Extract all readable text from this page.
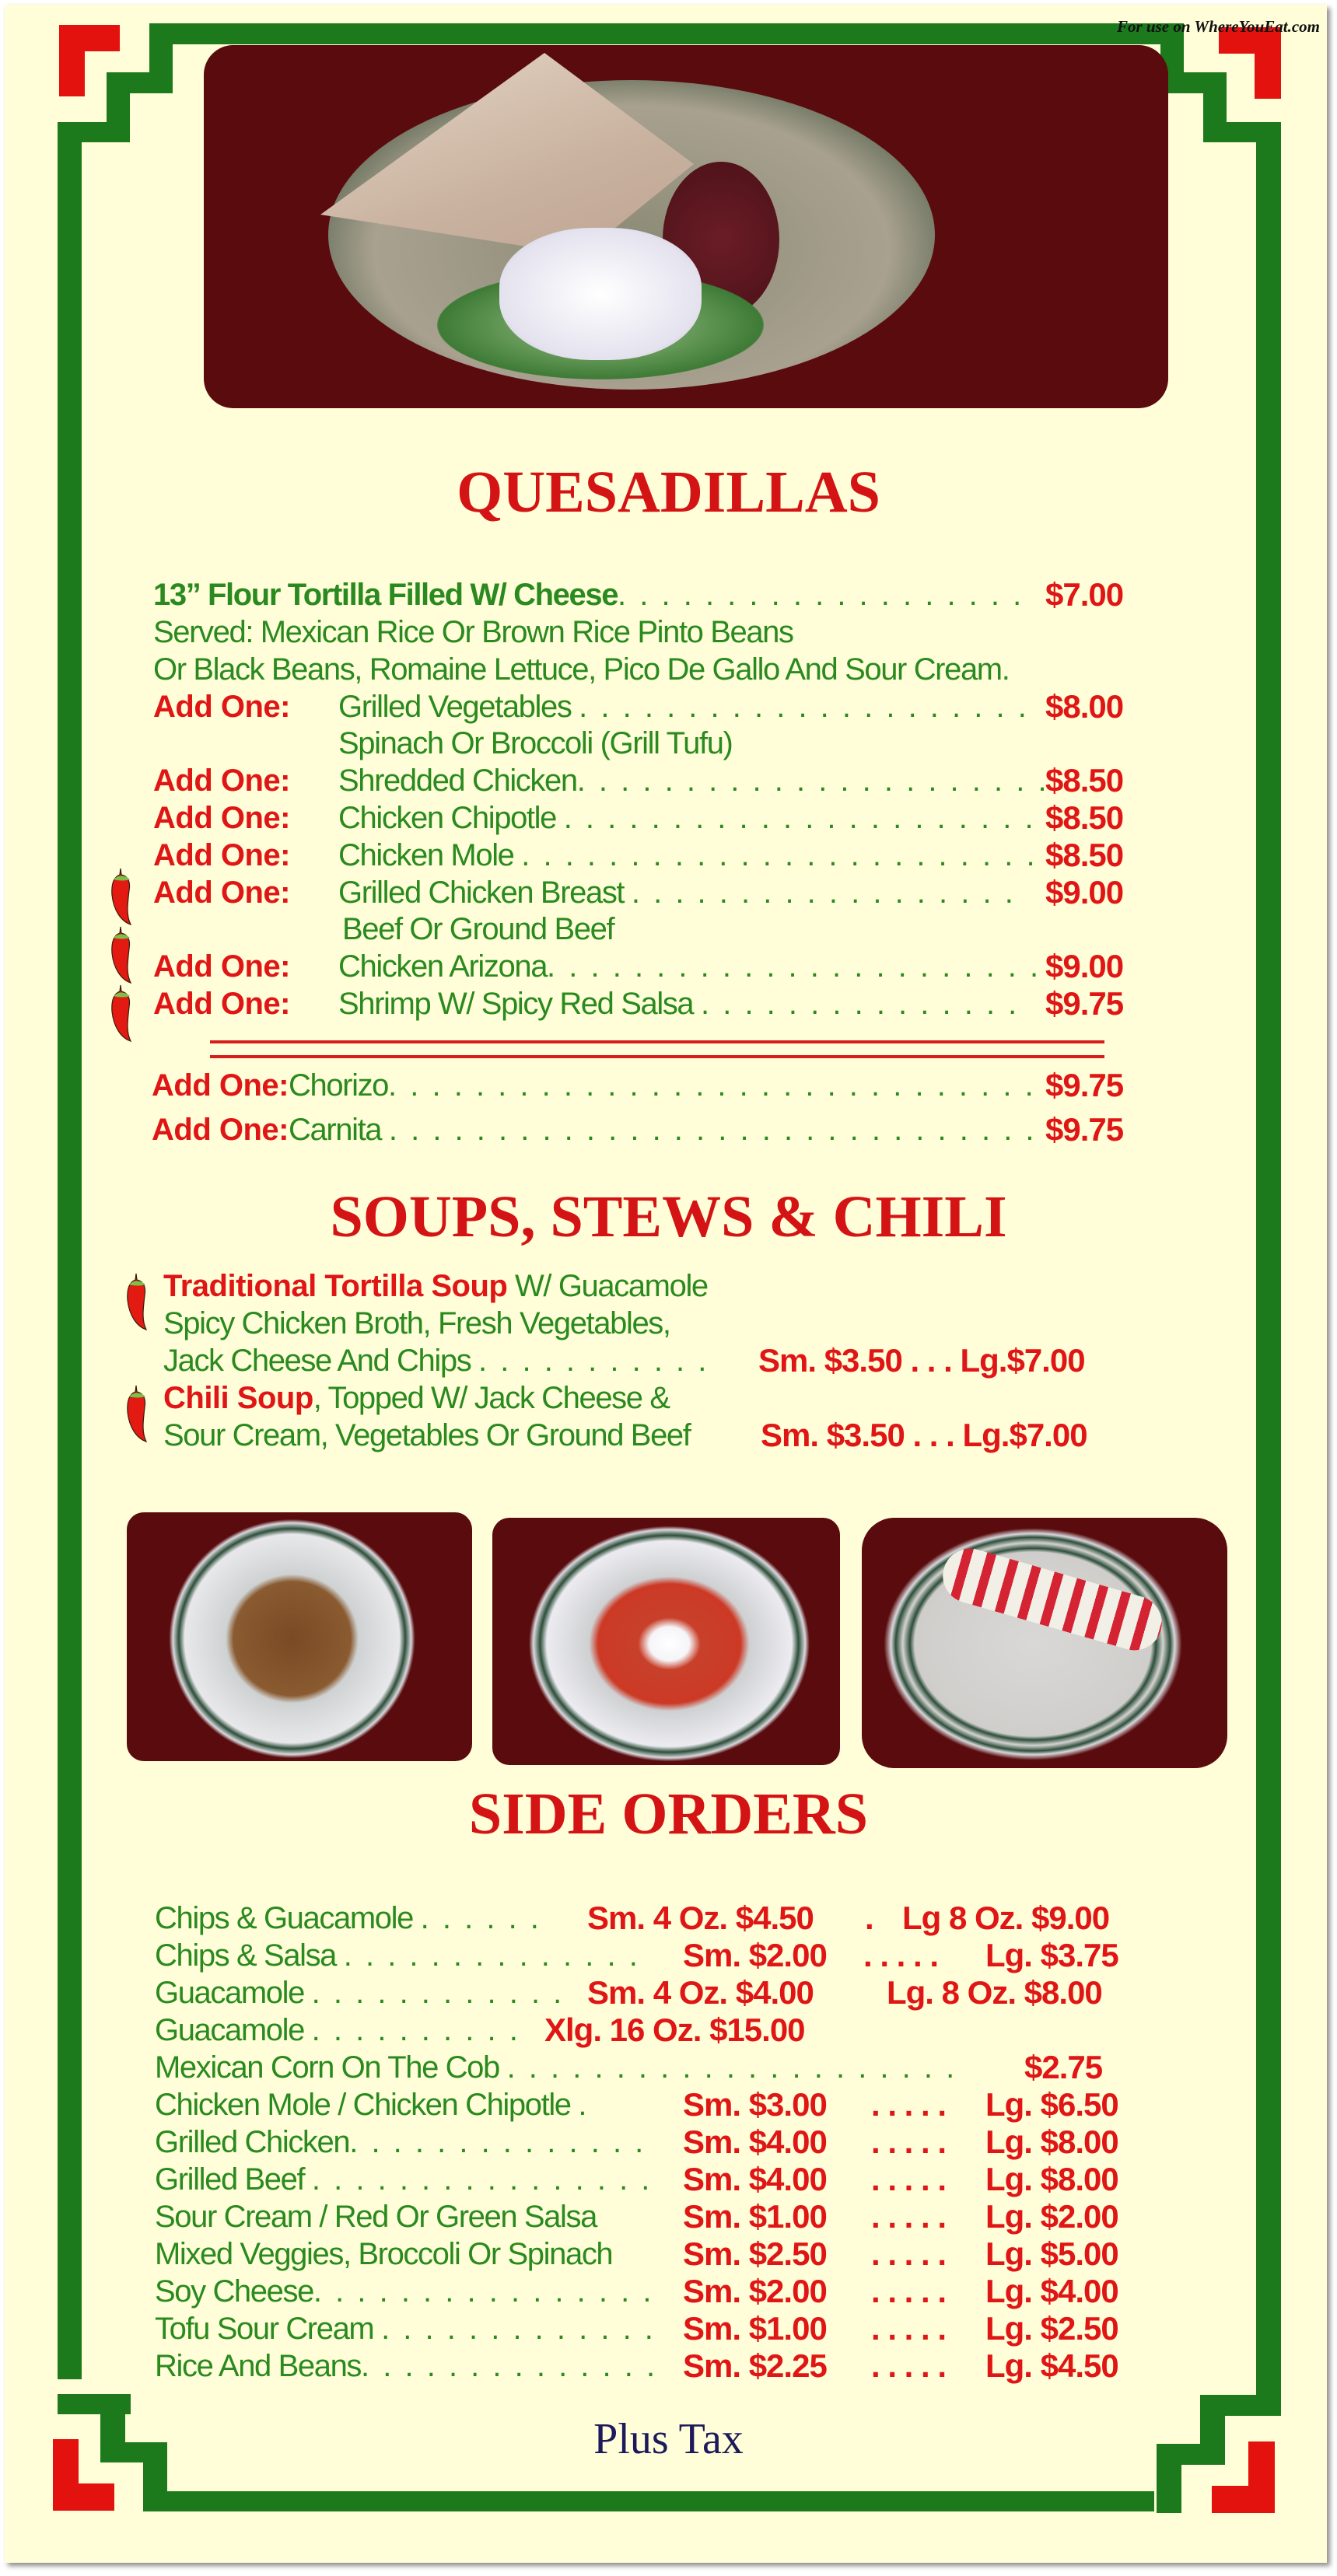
For use on WhereYouEat.com
QUESADILLAS
13” Flour Tortilla Filled W/ Cheese. . . . . . . . . . . . . . . . . . . $7.00
Served: Mexican Rice Or Brown Rice Pinto Beans
Or Black Beans, Romaine Lettuce, Pico De Gallo And Sour Cream.
Add One: Grilled Vegetables . . . . . . . . . . . . . . . . . . . . . $8.00
Spinach Or Broccoli (Grill Tufu)
Add One: Shredded Chicken. . . . . . . . . . . . . . . . . . . . . .
$8.50
Add One: Chicken Chipotle . . . . . . . . . . . . . . . . . . . . . . .
$8.50
Add One: Chicken Mole . . . . . . . . . . . . . . . . . . . . . . . . .
$8.50
Add One: Grilled Chicken Breast . . . . . . . . . . . . . . . . . . $9.00
Beef Or Ground Beef
Add One: Chicken Arizona. . . . . . . . . . . . . . . . . . . . . . . $9.00
Add One: Shrimp W/ Spicy Red Salsa . . . . . . . . . . . . . . . $9.75
Add One:Chorizo. . . . . . . . . . . . . . . . . . . . . . . . . . . . . . $9.75
Add One:Carnita . . . . . . . . . . . . . . . . . . . . . . . . . . . . . . $9.75
SOUPS, STEWS & CHILI
Traditional Tortilla Soup W/ Guacamole
Spicy Chicken Broth, Fresh Vegetables,
Jack Cheese And Chips . . . . . . . . . . . Sm. $3.50 . . . Lg.$7.00
Chili Soup, Topped W/ Jack Cheese &
Sour Cream, Vegetables Or Ground Beef Sm. $3.50 . . . Lg.$7.00
SIDE ORDERS
Chips & Guacamole . . . . . . Sm. 4 Oz. $4.50 . Lg 8 Oz. $9.00
Chips & Salsa . . . . . . . . . . . . . . Sm. $2.00 . . . . . Lg. $3.75
Guacamole . . . . . . . . . . . . Sm. 4 Oz. $4.00 Lg. 8 Oz. $8.00
Guacamole . . . . . . . . . . Xlg. 16 Oz. $15.00
Mexican Corn On The Cob . . . . . . . . . . . . . . . . . . . . . $2.75
Chicken Mole / Chicken Chipotle .	Sm. $3.00 . . . . . Lg. $6.50
Grilled Chicken. . . . . . . . . . . . . . Sm. $4.00 . . . . . Lg. $8.00
Grilled Beef . . . . . . . . . . . . . . . . Sm. $4.00 . . . . . Lg. $8.00
Sour Cream / Red Or Green Salsa	Sm. $1.00 . . . . . Lg. $2.00
Mixed Veggies, Broccoli Or Spinach Sm. $2.50 . . . . . Lg. $5.00
Soy Cheese. . . . . . . . . . . . . . . . Sm. $2.00 . . . . . Lg. $4.00
Tofu Sour Cream . . . . . . . . . . . . . Sm. $1.00 . . . . . Lg. $2.50
Rice And Beans. . . . . . . . . . . . . . Sm. $2.25 . . . . . Lg. $4.50
Plus Tax
